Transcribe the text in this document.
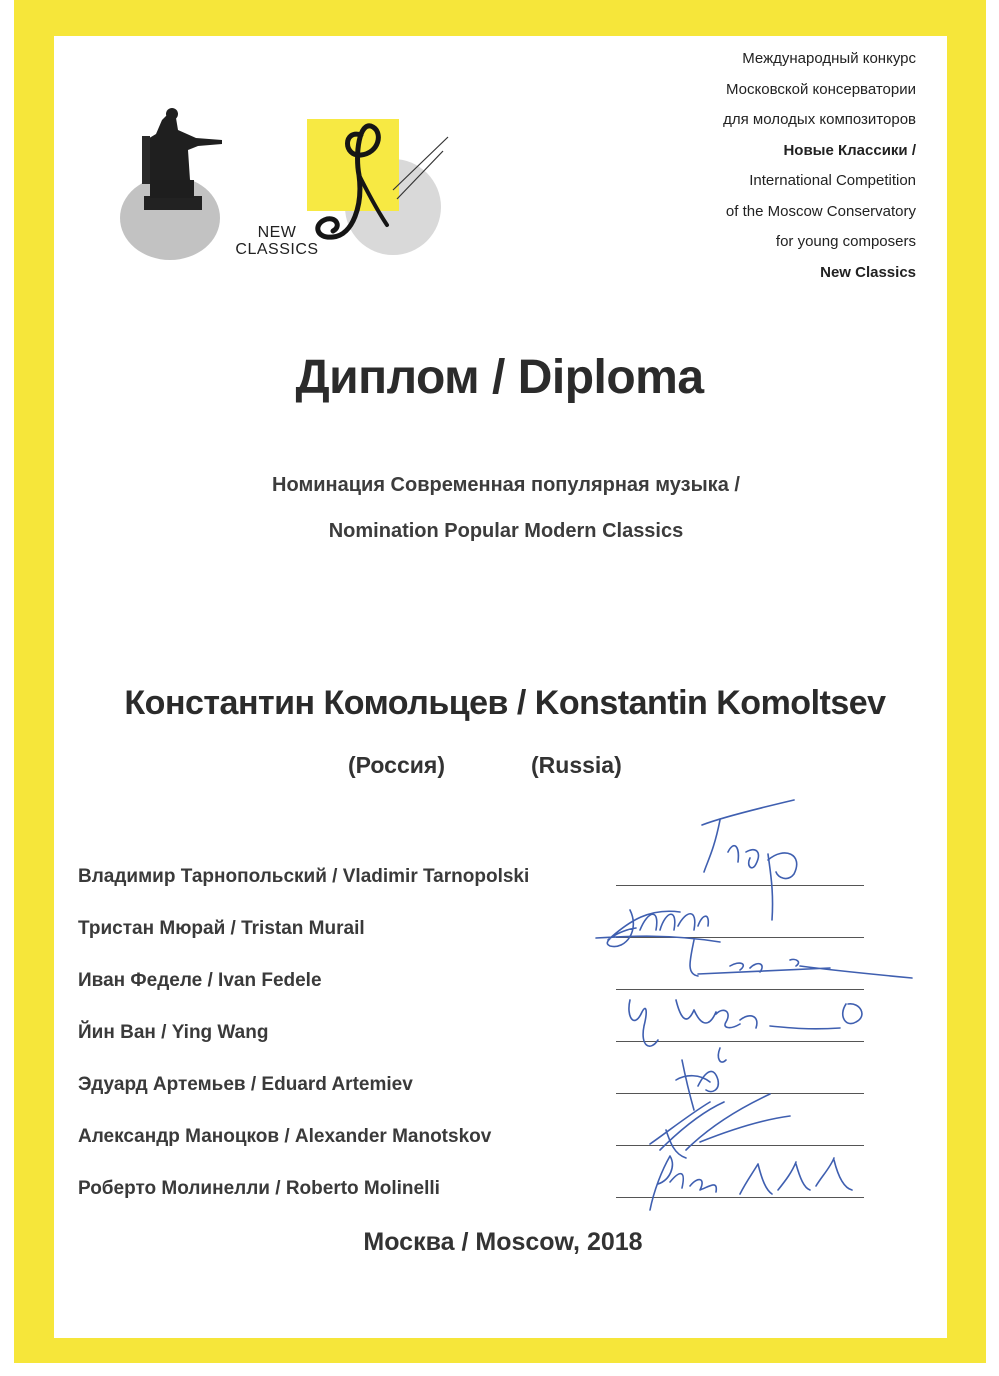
NEW
CLASSICS
Международный конкурс
Московской консерватории
для молодых композиторов
Новые Классики /
International Competition
of the Moscow Conservatory
for young composers
New Classics
Диплом / Diploma
Номинация Современная популярная музыка /
Nomination Popular Modern Classics
Константин Комольцев / Konstantin Komoltsev
(Россия)	(Russia)
Владимир Тарнопольский / Vladimir Tarnopolski
Тристан Мюрай / Tristan Murail
Иван Феделе / Ivan Fedele
Йин Ван / Ying Wang
Эдуард Артемьев / Eduard Artemiev
Александр Маноцков / Alexander Manotskov
Роберто Молинелли / Roberto Molinelli
Москва / Moscow, 2018
